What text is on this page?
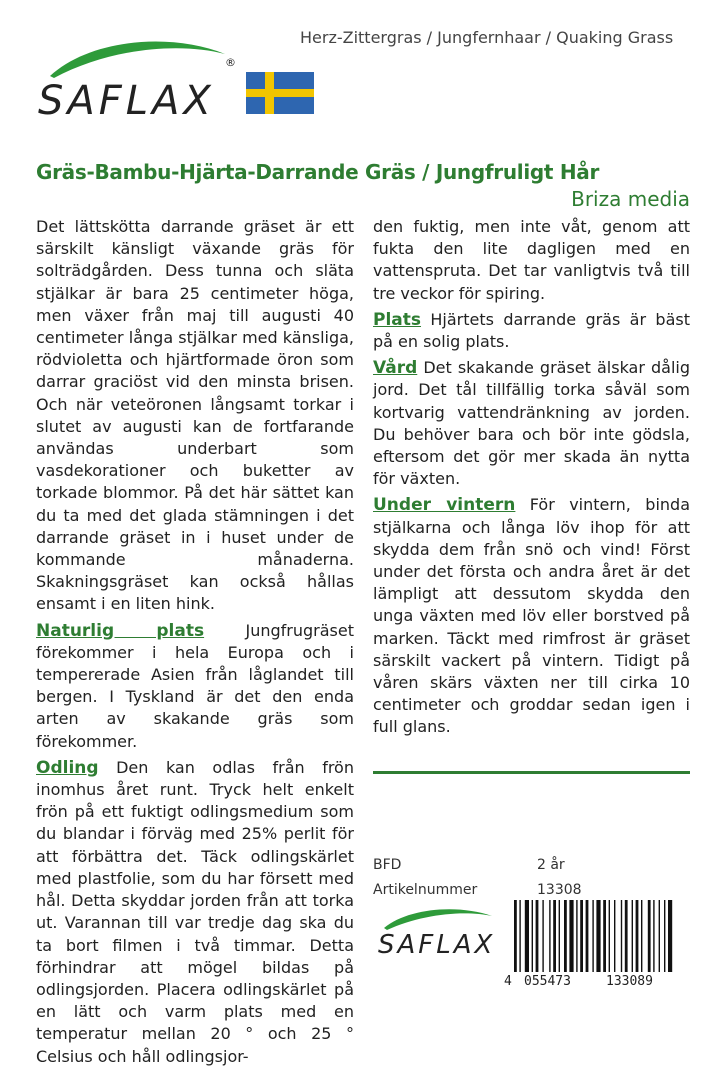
Herz-Zittergras / Jungfernhaar / Quaking Grass
®
SAFLAX
Gräs-Bambu-Hjärta-Darrande Gräs / Jungfruligt Hår
Briza media

Det lättskötta darrande gräset är ett särskilt känsligt växande gräs för solträdgården. Dess tunna och släta stjälkar är bara 25 centimeter höga, men växer från maj till augusti 40 centimeter långa stjälkar med känsliga, rödvioletta och hjärtformade öron som darrar graciöst vid den minsta brisen. Och när veteöronen långsamt torkar i slutet av augusti kan de fortfarande användas underbart som vasdekorationer och buketter av torkade blommor. På det här sättet kan du ta med det glada stämningen i det darrande gräset in i huset under de kommande månaderna. Skakningsgräset kan också hållas ensamt i en liten hink.

Naturlig plats	Jungfrugräset förekommer i hela Europa och i tempererade Asien från låglandet till bergen. I Tyskland är det den enda arten av skakande gräs som förekommer.

Odling Den kan odlas från frön inomhus året runt. Tryck helt enkelt frön på ett fuktigt odlingsmedium som du blandar i förväg med 25% perlit för att förbättra det. Täck odlingskärlet med plastfolie, som du har försett med hål. Detta skyddar jorden från att torka ut. Varannan till var tredje dag ska du ta bort filmen i två timmar. Detta förhindrar att mögel bildas på odlingsjorden. Placera odlingskärlet på en lätt och varm plats med en temperatur mellan 20 ° och 25 ° Celsius och håll odlingsjor-

den fuktig, men inte våt, genom att fukta den lite dagligen med en vattenspruta. Det tar vanligtvis två till tre veckor för spiring.

Plats Hjärtets darrande gräs är bäst på en solig plats.

Vård Det skakande gräset älskar dålig jord. Det tål tillfällig torka såväl som kortvarig vattendränkning av jorden. Du behöver bara och bör inte gödsla, eftersom det gör mer skada än nytta för växten.

Under vintern För vintern, binda stjälkarna och långa löv ihop för att skydda dem från snö och vind! Först under det första och andra året är det lämpligt att dessutom skydda den unga växten med löv eller borstved på marken. Täckt med rimfrost är gräset särskilt vackert på vintern. Tidigt på våren skärs växten ner till cirka 10 centimeter och groddar sedan igen i full glans.

BFD	2 år
Artikelnummer	13308
SAFLAX
4 055473	133089
